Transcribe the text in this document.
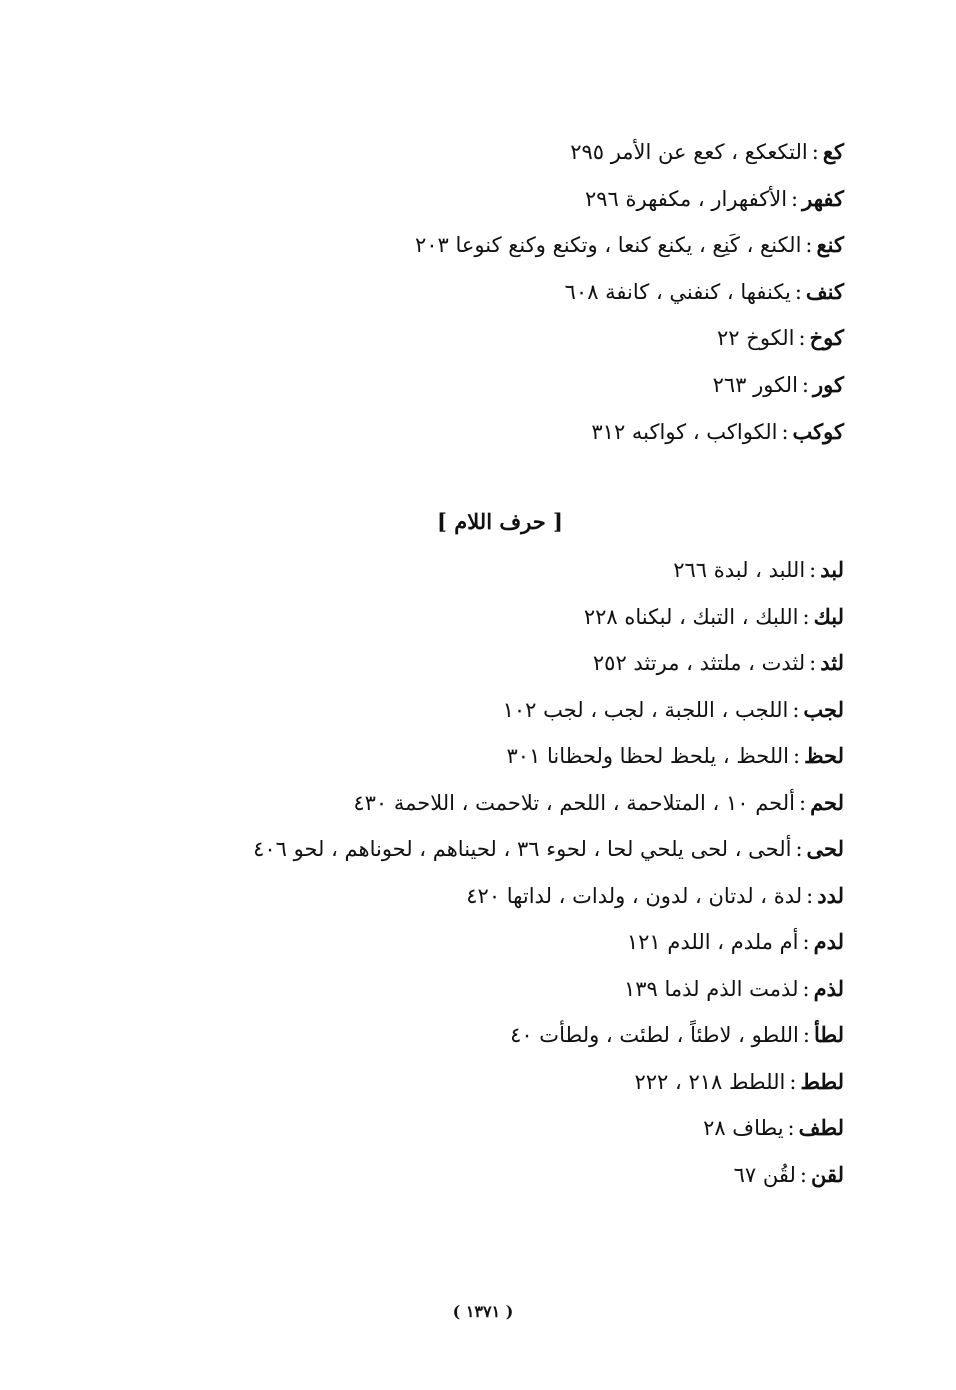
كع:التكعكع ، كعع عن الأمر ٢٩٥
كفهر:الأكفهرار ، مكفهرة ٢٩٦
كنع:الكنع ، كَنِع ، يكنع كنعا ، وتكنع وكنع كنوعا ٢٠٣
كنف:يكنفها ، كنفني ، كانفة ٦٠٨
كوخ:الكوخ ٢٢
كور:الكور ٢٦٣
كوكب:الكواكب ، كواكبه ٣١٢
[ حرف اللام ]
لبد:اللبد ، لبدة ٢٦٦
لبك:اللبك ، التبك ، لبكناه ٢٢٨
لثد:لثدت ، ملتثد ، مرتثد ٢٥٢
لجب:اللجب ، اللجبة ، لجب ، لجب ١٠٢
لحظ:اللحظ ، يلحظ لحظا ولحظانا ٣٠١
لحم:ألحم ١٠ ، المتلاحمة ، اللحم ، تلاحمت ، اللاحمة ٤٣٠
لحى:ألحى ، لحى يلحي لحا ، لحوء ٣٦ ، لحيناهم ، لحوناهم ، لحو ٤٠٦
لدد:لدة ، لدتان ، لدون ، ولدات ، لداتها ٤٢٠
لدم:أم ملدم ، اللدم ١٢١
لذم:لذمت الذم لذما ١٣٩
لطأ:اللطو ، لاطئاً ، لطئت ، ولطأت ٤٠
لطط:اللطط ٢١٨ ، ٢٢٢
لطف:يطاف ٢٨
لقن:لقُن ٦٧
( ١٣٧١ )
